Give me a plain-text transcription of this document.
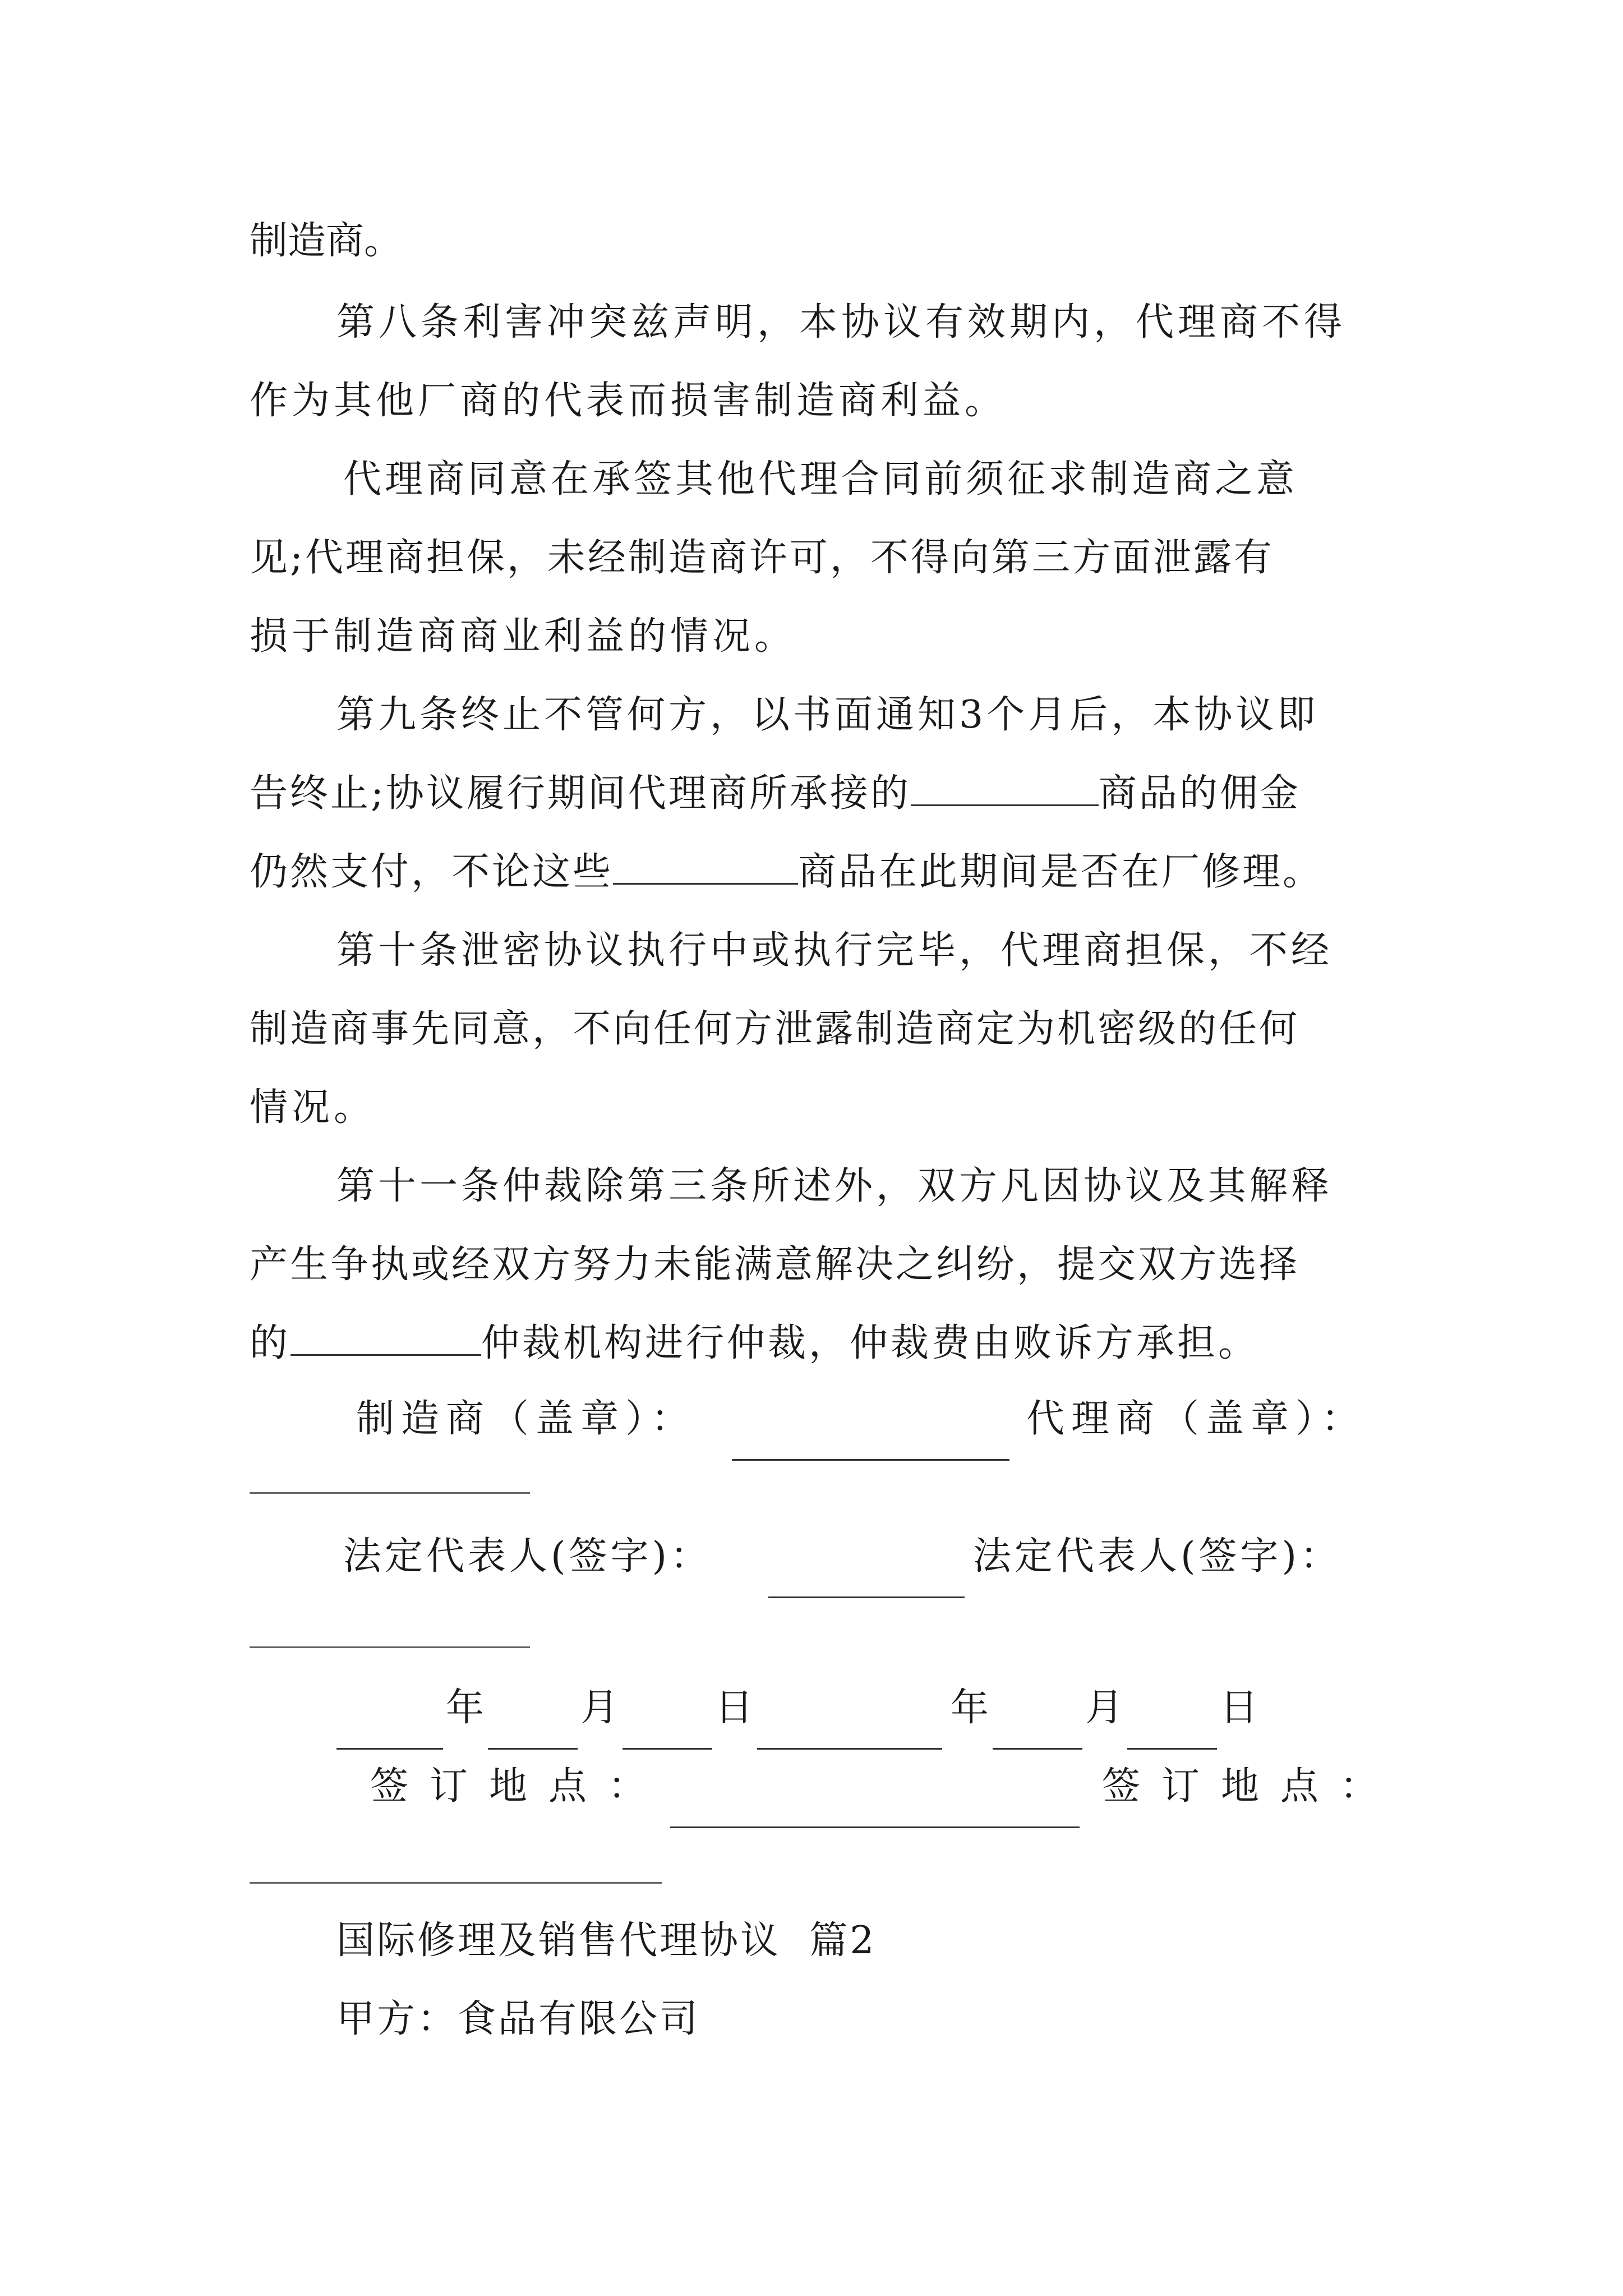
制造商。
第八条利害冲突兹声明，本协议有效期内，代理商不得
作为其他厂商的代表而损害制造商利益。
代理商同意在承签其他代理合同前须征求制造商之意
见;代理商担保，未经制造商许可，不得向第三方面泄露有
损于制造商商业利益的情况。
第九条终止不管何方，以书面通知3个月后，本协议即
告终止;协议履行期间代理商所承接的	商品的佣金
仍然支付，不论这些	商品在此期间是否在厂修理。
第十条泄密协议执行中或执行完毕，代理商担保，不经
制造商事先同意，不向任何方泄露制造商定为机密级的任何
情况。
第十一条仲裁除第三条所述外，双方凡因协议及其解释
产生争执或经双方努力未能满意解决之纠纷，提交双方选择
的	仲裁机构进行仲裁，仲裁费由败诉方承担。
制造商（盖章）：	代理商（盖章）：
法定代表人(签字)：	法定代表人(签字)：
年	月	日	年	月	日
签订地点：	签订地点：
国际修理及销售代理协议  篇2
甲方：食品有限公司
